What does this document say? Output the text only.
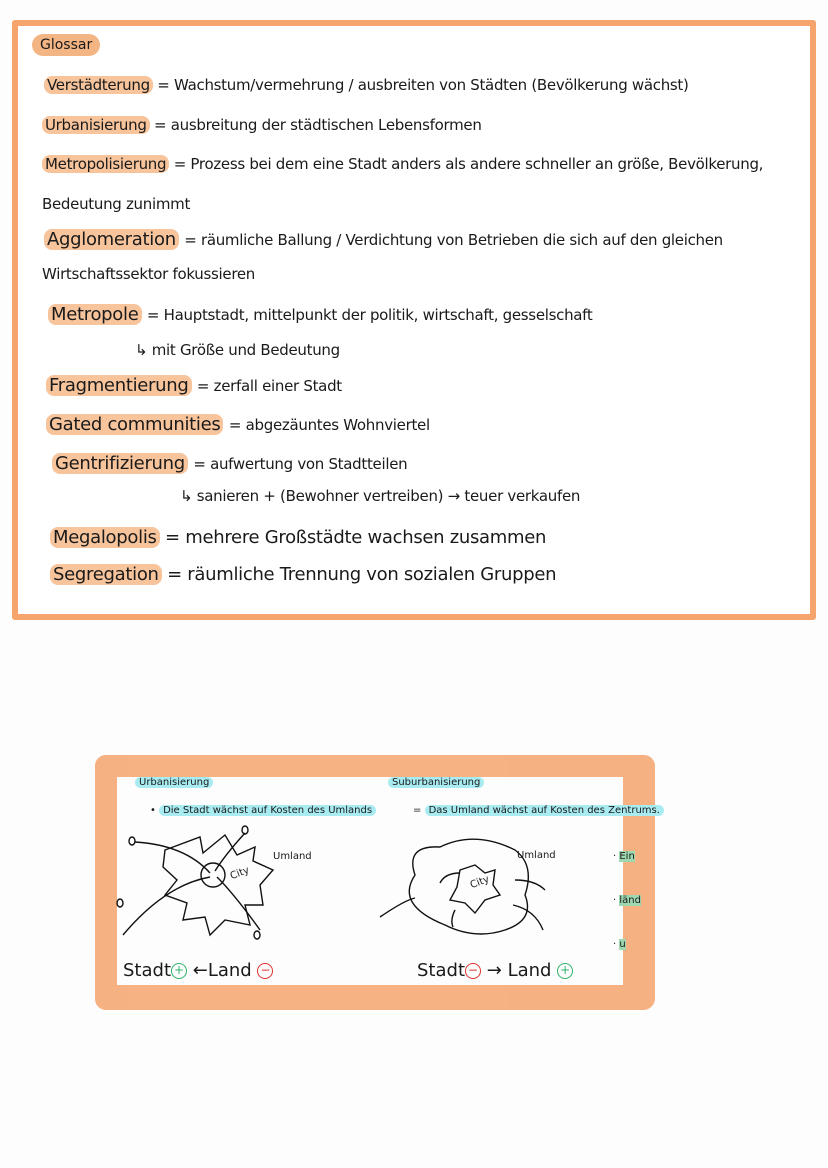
Glossar
Verstädterung = Wachstum/vermehrung / ausbreiten von Städten (Bevölkerung wächst)
Urbanisierung = ausbreitung der städtischen Lebensformen
Metropolisierung = Prozess bei dem eine Stadt anders als andere schneller an größe, Bevölkerung,
Bedeutung zunimmt
Agglomeration = räumliche Ballung / Verdichtung von Betrieben die sich auf den gleichen
Wirtschaftssektor fokussieren
Metropole = Hauptstadt, mittelpunkt der politik, wirtschaft, gesselschaft
↳ mit Größe und Bedeutung
Fragmentierung = zerfall einer Stadt
Gated communities = abgezäuntes Wohnviertel
Gentrifizierung = aufwertung von Stadtteilen
↳ sanieren + (Bewohner vertreiben) → teuer verkaufen
Megalopolis = mehrere Großstädte wachsen zusammen
Segregation = räumliche Trennung von sozialen Gruppen
Urbanisierung
• Die Stadt wächst auf Kosten des Umlands
City
Umland
Stadt + ←Land −
Suburbanisierung
= Das Umland wächst auf Kosten des Zentrums.
City
Umland
Stadt − → Land +
· Ein
· länd
· u
